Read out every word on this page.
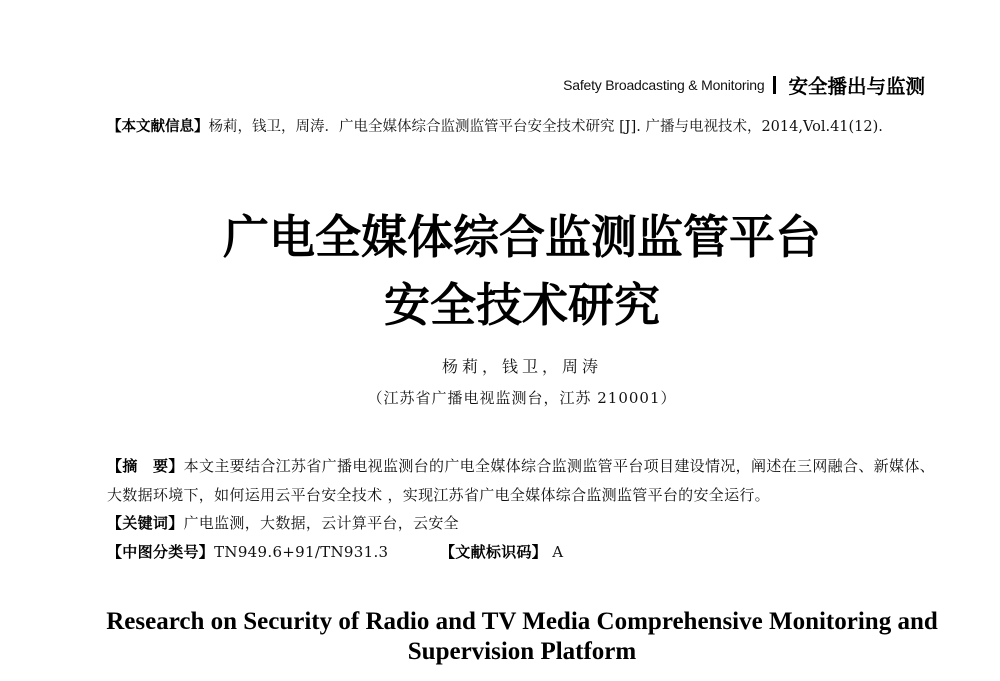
Safety Broadcasting & Monitoring 安全播出与监测
【本文献信息】杨莉，钱卫，周涛．广电全媒体综合监测监管平台安全技术研究 [J]. 广播与电视技术，2014,Vol.41(12).
广电全媒体综合监测监管平台
安全技术研究
杨莉，钱卫，周涛
（江苏省广播电视监测台，江苏 210001）

【摘　要】本文主要结合江苏省广播电视监测台的广电全媒体综合监测监管平台项目建设情况，阐述在三网融合、新媒体、大数据环境下，如何运用云平台安全技术 ，实现江苏省广电全媒体综合监测监管平台的安全运行。

【关键词】广电监测，大数据，云计算平台，云安全

【中图分类号】TN949.6+91/TN931.3	【文献标识码】 A

Research on Security of Radio and TV Media Comprehensive Monitoring and Supervision Platform
